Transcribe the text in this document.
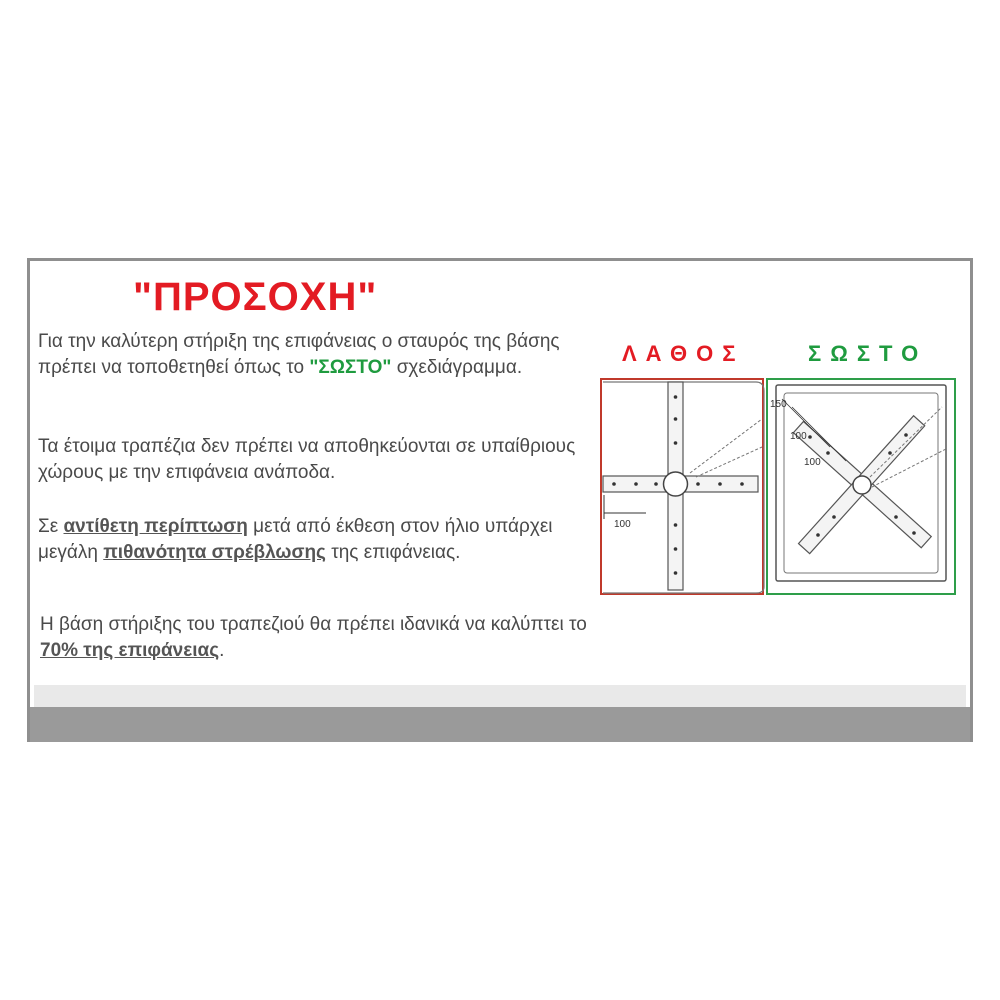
"ΠΡΟΣΟΧΗ"

Για την καλύτερη στήριξη της επιφάνειας ο σταυρός της βάσης πρέπει να τοποθετηθεί όπως το "ΣΩΣΤΟ" σχεδιάγραμμα.

Τα έτοιμα τραπέζια δεν πρέπει να αποθηκεύονται σε υπαίθριους χώρους με την επιφάνεια ανάποδα.

Σε αντίθετη περίπτωση μετά από έκθεση στον ήλιο υπάρχει μεγάλη πιθανότητα στρέβλωσης της επιφάνειας.

Η βάση στήριξης του τραπεζιού θα πρέπει ιδανικά να καλύπτει το 70% της επιφάνειας.

ΛΑΘΟΣ	ΣΩΣΤΟ
100
150
100
100
